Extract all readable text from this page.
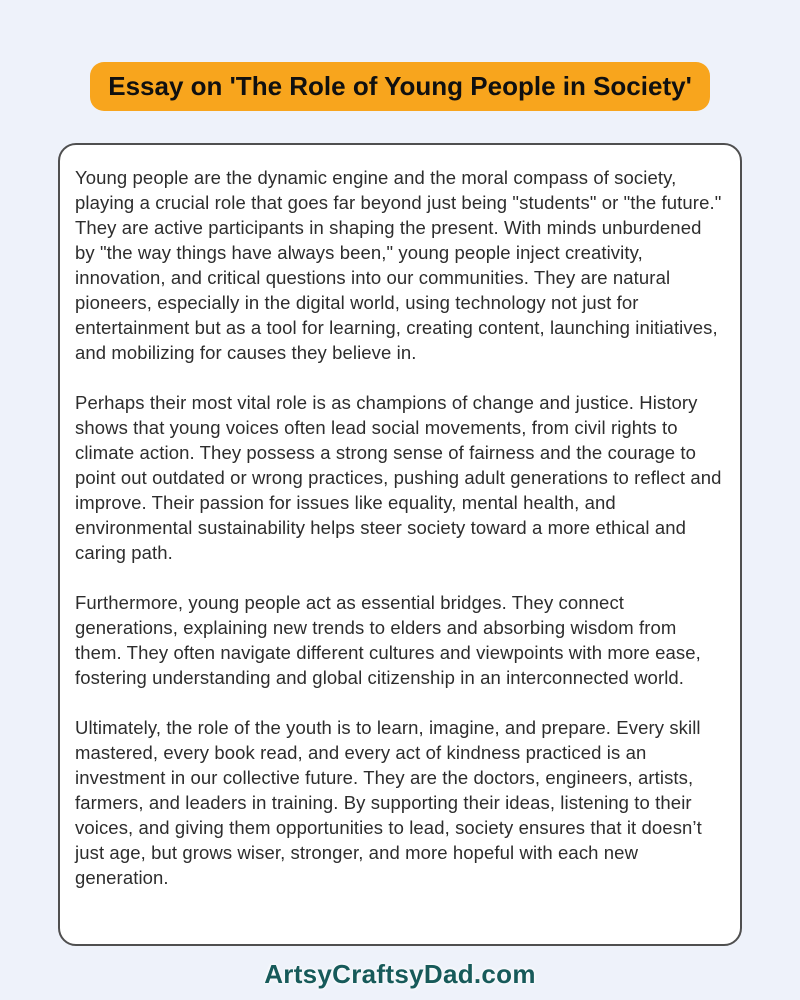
Essay on 'The Role of Young People in Society'

Young people are the dynamic engine and the moral compass of society, playing a crucial role that goes far beyond just being "students" or "the future." They are active participants in shaping the present. With minds unburdened by "the way things have always been," young people inject creativity, innovation, and critical questions into our communities. They are natural pioneers, especially in the digital world, using technology not just for entertainment but as a tool for learning, creating content, launching initiatives, and mobilizing for causes they believe in.

Perhaps their most vital role is as champions of change and justice. History shows that young voices often lead social movements, from civil rights to climate action. They possess a strong sense of fairness and the courage to point out outdated or wrong practices, pushing adult generations to reflect and improve. Their passion for issues like equality, mental health, and environmental sustainability helps steer society toward a more ethical and caring path.

Furthermore, young people act as essential bridges. They connect generations, explaining new trends to elders and absorbing wisdom from them. They often navigate different cultures and viewpoints with more ease, fostering understanding and global citizenship in an interconnected world.

Ultimately, the role of the youth is to learn, imagine, and prepare. Every skill mastered, every book read, and every act of kindness practiced is an investment in our collective future. They are the doctors, engineers, artists, farmers, and leaders in training. By supporting their ideas, listening to their voices, and giving them opportunities to lead, society ensures that it doesn’t just age, but grows wiser, stronger, and more hopeful with each new generation.

ArtsyCraftsyDad.com
